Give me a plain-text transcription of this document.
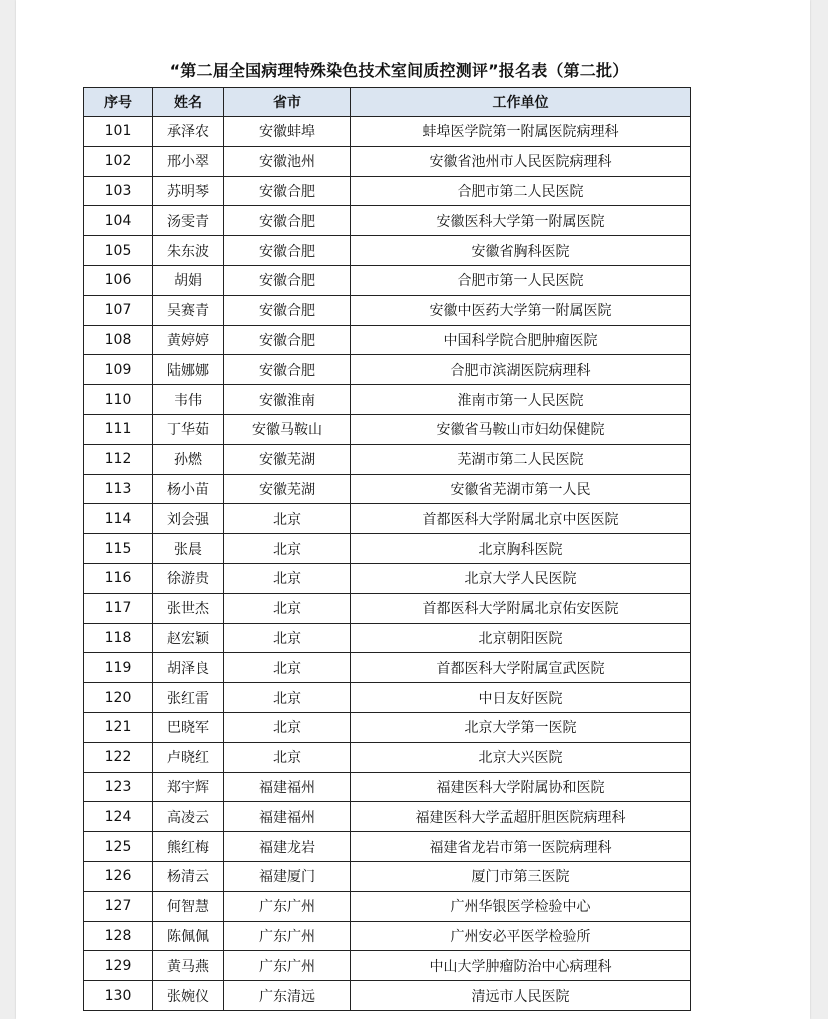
“第二届全国病理特殊染色技术室间质控测评”报名表（第二批）
序号	姓名	省市	工作单位
101	承泽农	安徽蚌埠	蚌埠医学院第一附属医院病理科
102	邢小翠	安徽池州	安徽省池州市人民医院病理科
103	苏明琴	安徽合肥	合肥市第二人民医院
104	汤雯青	安徽合肥	安徽医科大学第一附属医院
105	朱东波	安徽合肥	安徽省胸科医院
106	胡娟	安徽合肥	合肥市第一人民医院
107	吴赛青	安徽合肥	安徽中医药大学第一附属医院
108	黄婷婷	安徽合肥	中国科学院合肥肿瘤医院
109	陆娜娜	安徽合肥	合肥市滨湖医院病理科
110	韦伟	安徽淮南	淮南市第一人民医院
111	丁华茹	安徽马鞍山	安徽省马鞍山市妇幼保健院
112	孙燃	安徽芜湖	芜湖市第二人民医院
113	杨小苗	安徽芜湖	安徽省芜湖市第一人民
114	刘会强	北京	首都医科大学附属北京中医医院
115	张晨	北京	北京胸科医院
116	徐游贵	北京	北京大学人民医院
117	张世杰	北京	首都医科大学附属北京佑安医院
118	赵宏颖	北京	北京朝阳医院
119	胡泽良	北京	首都医科大学附属宣武医院
120	张红雷	北京	中日友好医院
121	巴晓军	北京	北京大学第一医院
122	卢晓红	北京	北京大兴医院
123	郑宇辉	福建福州	福建医科大学附属协和医院
124	高凌云	福建福州	福建医科大学孟超肝胆医院病理科
125	熊红梅	福建龙岩	福建省龙岩市第一医院病理科
126	杨清云	福建厦门	厦门市第三医院
127	何智慧	广东广州	广州华银医学检验中心
128	陈佩佩	广东广州	广州安必平医学检验所
129	黄马燕	广东广州	中山大学肿瘤防治中心病理科
130	张婉仪	广东清远	清远市人民医院
